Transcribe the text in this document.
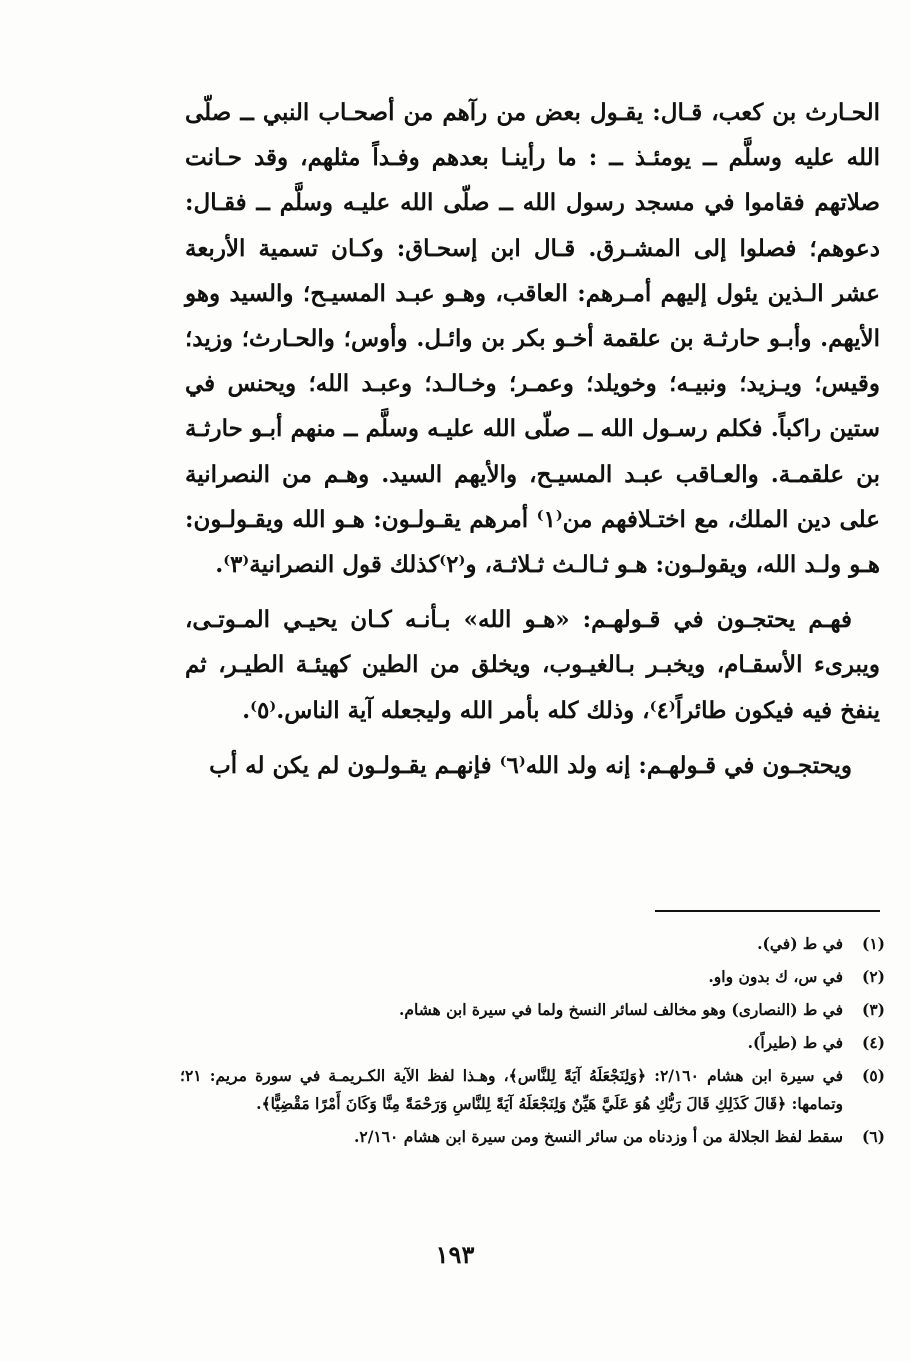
الحـارث بن كعب، قـال: يقـول بعض من رآهم من أصحـاب النبي ــ صلّى الله عليه وسلَّم ــ يومئـذ ــ : ما رأينـا بعدهم وفـداً مثلهم، وقد حـانت صلاتهم فقاموا في مسجد رسول الله ــ صلّى الله عليـه وسلَّم ــ فقـال: دعوهم؛ فصلوا إلى المشـرق. قـال ابن إسحـاق: وكـان تسمية الأربعة عشر الـذين يئول إليهم أمـرهم: العاقب، وهـو عبـد المسيـح؛ والسيد وهو الأيهم. وأبـو حارثـة بن علقمة أخـو بكر بن وائـل. وأوس؛ والحـارث؛ وزيد؛ وقيس؛ ويـزيد؛ ونبيـه؛ وخويلد؛ وعمـر؛ وخـالـد؛ وعبـد الله؛ ويحنس في ستين راكباً. فكلم رسـول الله ــ صلّى الله عليـه وسلَّم ــ منهم أبـو حارثـة بن علقمـة. والعـاقب عبـد المسيـح، والأيهم السيد. وهـم من النصرانية على دين الملك، مع اختـلافهم من⁽١⁾ أمرهم يقـولـون: هـو الله ويقـولـون: هـو ولـد الله، ويقولـون: هـو ثـالـث ثـلاثـة، و⁽٢⁾كذلك قول النصرانية⁽٣⁾.

فهـم يحتجـون في قـولهـم: «هـو الله» بـأنـه كـان يحيـي المـوتـى، ويبرىء الأسقـام، ويخبـر بـالغيـوب، ويخلق من الطين كهيئـة الطيـر، ثم ينفخ فيه فيكون طائراً⁽٤⁾، وذلك كله بأمر الله وليجعله آية الناس.⁽٥⁾.

ويحتجـون في قـولهـم: إنه ولد الله⁽٦⁾ فإنهـم يقـولـون لم يكن له أب

(١)
في ط (في).
(٢)
في س، ك بدون واو.
(٣)
في ط (النصارى) وهو مخالف لسائر النسخ ولما في سيرة ابن هشام.
(٤)
في ط (طيراً).
(٥)
في سيرة ابن هشام ٢/١٦٠: ﴿وَلِنَجْعَلَهُ آيَةً لِلنَّاس﴾، وهـذا لفظ الآية الكـريمـة في سورة مريم: ٢١؛ وتمامها: ﴿قَالَ كَذَلِكِ قَالَ رَبُّكِ هُوَ عَلَيَّ هَيِّنٌ وَلِنَجْعَلَهُ آيَةً لِلنَّاسِ وَرَحْمَةً مِنَّا وَكَانَ أَمْرًا مَقْضِيًّا﴾.
(٦)
سقط لفظ الجلالة من أ وزدناه من سائر النسخ ومن سيرة ابن هشام ٢/١٦٠.
١٩٣
